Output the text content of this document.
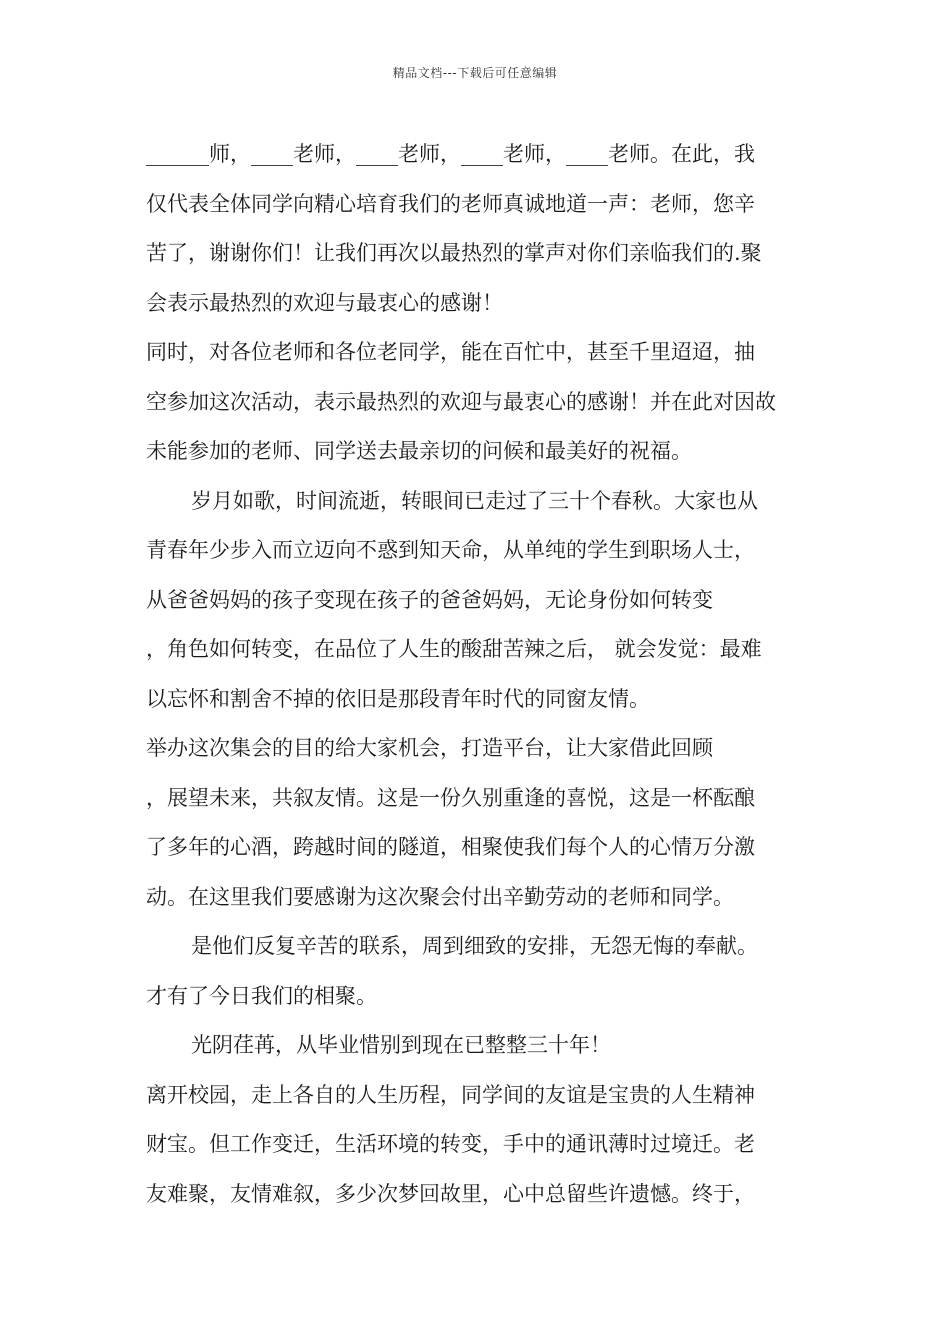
精品文档---下载后可任意编辑
______师，____老师，____老师，____老师，____老师。在此，我
仅代表全体同学向精心培育我们的老师真诚地道一声：老师，您辛
苦了，谢谢你们！让我们再次以最热烈的掌声对你们亲临我们的.聚
会表示最热烈的欢迎与最衷心的感谢！
同时，对各位老师和各位老同学，能在百忙中，甚至千里迢迢，抽
空参加这次活动，表示最热烈的欢迎与最衷心的感谢！并在此对因故
未能参加的老师、同学送去最亲切的问候和最美好的祝福。
岁月如歌，时间流逝，转眼间已走过了三十个春秋。大家也从
青春年少步入而立迈向不惑到知天命，从单纯的学生到职场人士，
从爸爸妈妈的孩子变现在孩子的爸爸妈妈，无论身份如何转变
，角色如何转变，在品位了人生的酸甜苦辣之后， 就会发觉：最难
以忘怀和割舍不掉的依旧是那段青年时代的同窗友情。
举办这次集会的目的给大家机会，打造平台，让大家借此回顾
，展望未来，共叙友情。这是一份久别重逢的喜悦，这是一杯酝酿
了多年的心酒，跨越时间的隧道，相聚使我们每个人的心情万分激
动。在这里我们要感谢为这次聚会付出辛勤劳动的老师和同学。
是他们反复辛苦的联系，周到细致的安排，无怨无悔的奉献。
才有了今日我们的相聚。
光阴荏苒，从毕业惜别到现在已整整三十年！
离开校园，走上各自的人生历程，同学间的友谊是宝贵的人生精神
财宝。但工作变迁，生活环境的转变，手中的通讯薄时过境迁。老
友难聚，友情难叙，多少次梦回故里，心中总留些许遗憾。终于，
